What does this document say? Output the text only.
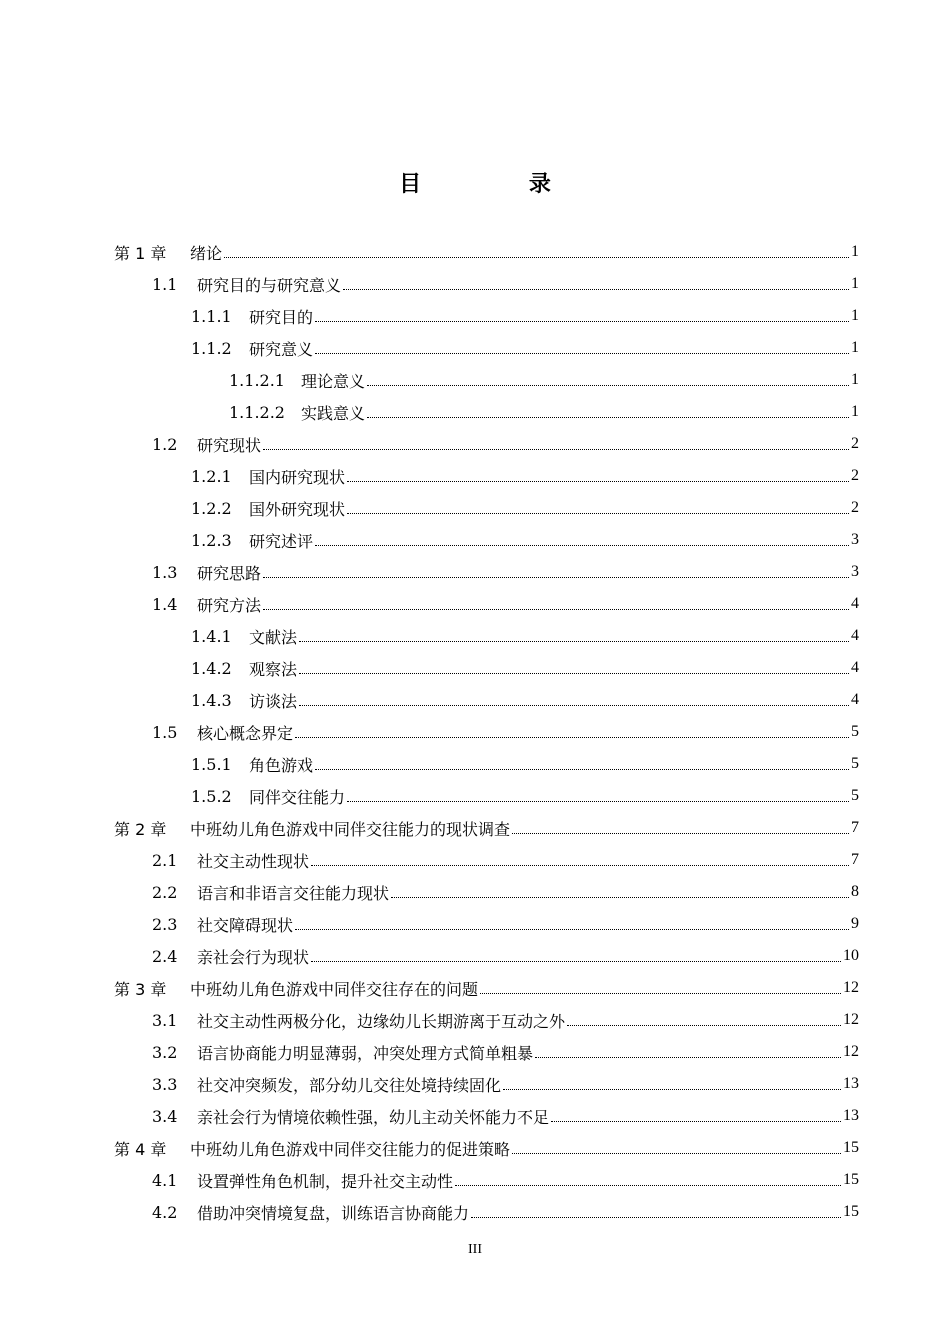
目 录
第 1 章	绪论	1
1.1	研究目的与研究意义	1
1.1.1	研究目的	1
1.1.2	研究意义	1
1.1.2.1	理论意义	1
1.1.2.2	实践意义	1
1.2	研究现状	2
1.2.1	国内研究现状	2
1.2.2	国外研究现状	2
1.2.3	研究述评	3
1.3	研究思路	3
1.4	研究方法	4
1.4.1	文献法	4
1.4.2	观察法	4
1.4.3	访谈法	4
1.5	核心概念界定	5
1.5.1	角色游戏	5
1.5.2	同伴交往能力	5
第 2 章	中班幼儿角色游戏中同伴交往能力的现状调查	7
2.1	社交主动性现状	7
2.2	语言和非语言交往能力现状	8
2.3	社交障碍现状	9
2.4	亲社会行为现状	10
第 3 章	中班幼儿角色游戏中同伴交往存在的问题	12
3.1	社交主动性两极分化，边缘幼儿长期游离于互动之外	12
3.2	语言协商能力明显薄弱，冲突处理方式简单粗暴	12
3.3	社交冲突频发，部分幼儿交往处境持续固化	13
3.4	亲社会行为情境依赖性强，幼儿主动关怀能力不足	13
第 4 章	中班幼儿角色游戏中同伴交往能力的促进策略	15
4.1	设置弹性角色机制，提升社交主动性	15
4.2	借助冲突情境复盘，训练语言协商能力	15
III
